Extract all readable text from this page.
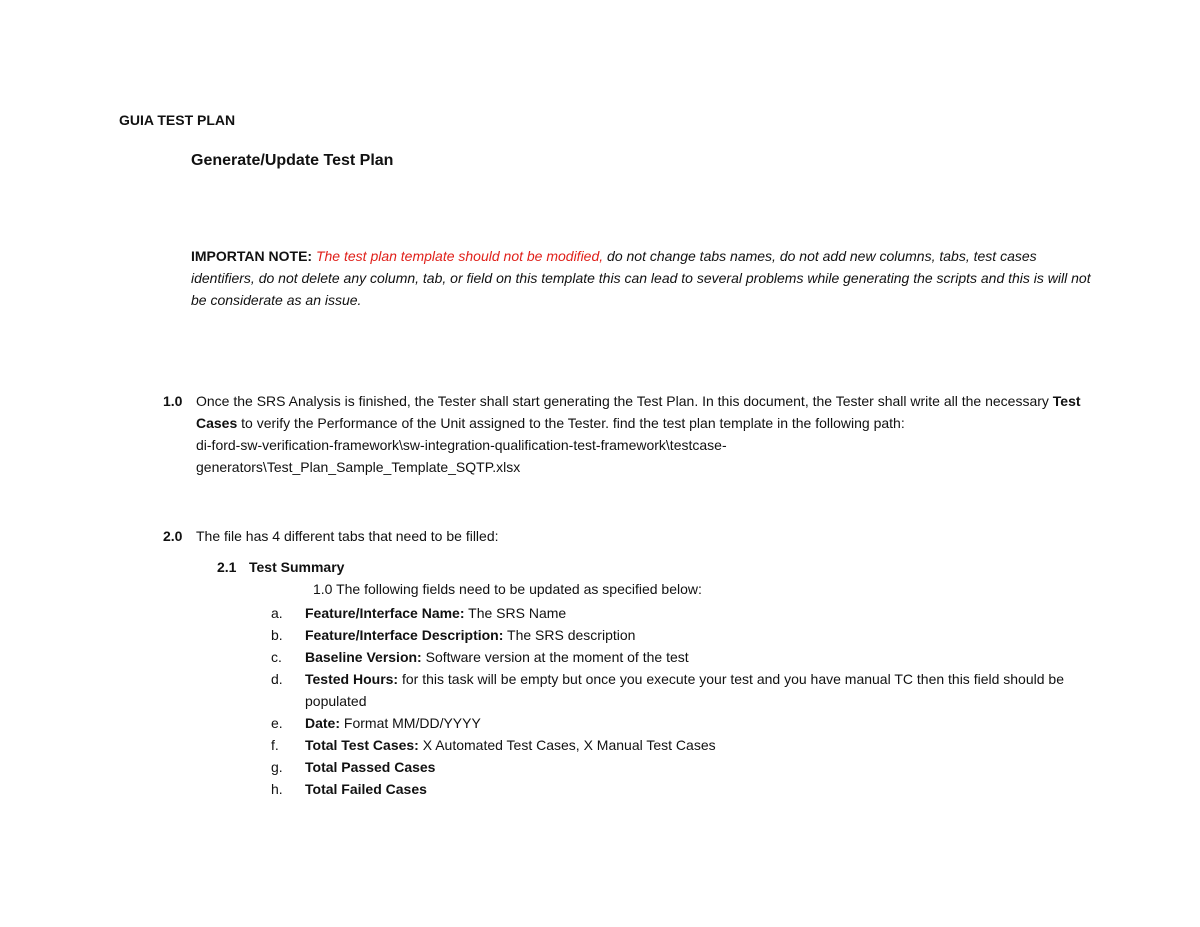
GUIA TEST PLAN

Generate/Update Test Plan

IMPORTAN NOTE: The test plan template should not be modified, do not change tabs names, do not add new columns, tabs, test cases identifiers, do not delete any column, tab, or field on this template this can lead to several problems while generating the scripts and this is will not be considerate as an issue.

1.0 Once the SRS Analysis is finished, the Tester shall start generating the Test Plan. In this document, the Tester shall write all the necessary Test Cases to verify the Performance of the Unit assigned to the Tester. find the test plan template in the following path:
di-ford-sw-verification-framework\sw-integration-qualification-test-framework\testcase-
generators\Test_Plan_Sample_Template_SQTP.xlsx
2.0 The file has 4 different tabs that need to be filled:

2.1 Test Summary

1.0 The following fields need to be updated as specified below:

a. Feature/Interface Name: The SRS Name
b. Feature/Interface Description: The SRS description
c. Baseline Version: Software version at the moment of the test
d. Tested Hours: for this task will be empty but once you execute your test and you have manual TC then this field should be populated
e. Date: Format MM/DD/YYYY
f. Total Test Cases: X Automated Test Cases, X Manual Test Cases
g. Total Passed Cases
h. Total Failed Cases
